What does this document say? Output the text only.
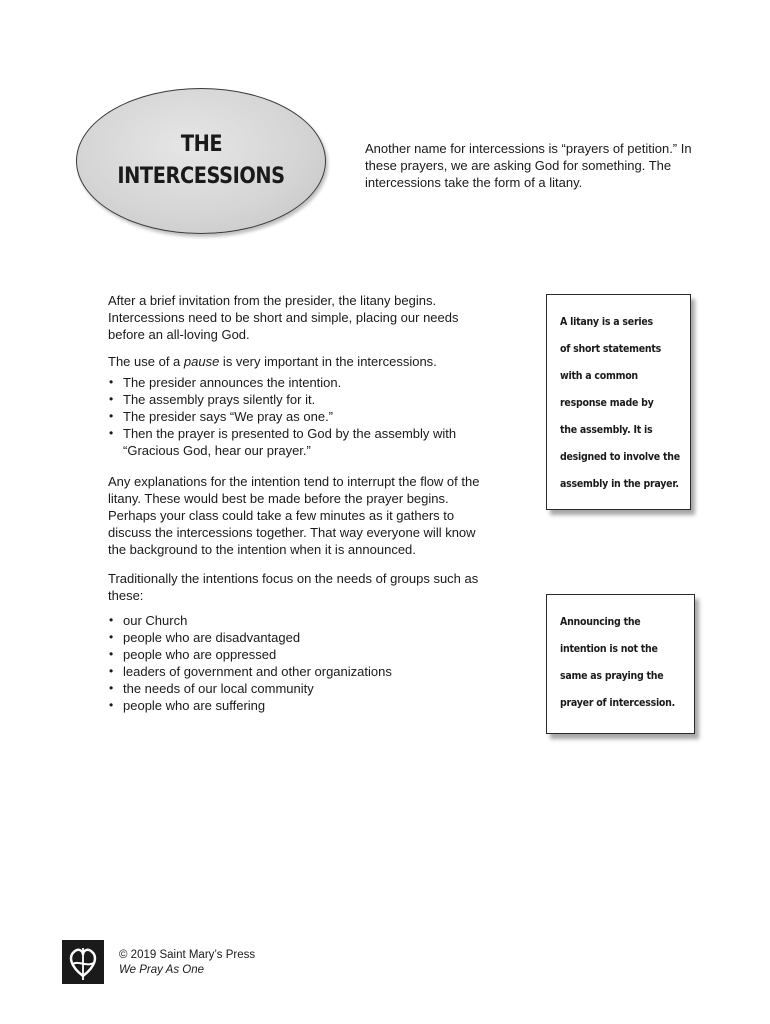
THE
INTERCESSIONS
Another name for intercessions is “prayers of petition.” In these prayers, we are asking God for something. The intercessions take the form of a litany.

After a brief invitation from the presider, the litany begins. Intercessions need to be short and simple, placing our needs before an all-loving God.

The use of a pause is very important in the intercessions.

• The presider announces the intention.
• The assembly prays silently for it.
• The presider says “We pray as one.”
• Then the prayer is presented to God by the assembly with “Gracious God, hear our prayer.”

Any explanations for the intention tend to interrupt the flow of the litany. These would best be made before the prayer begins. Perhaps your class could take a few minutes as it gathers to discuss the intercessions together. That way everyone will know the background to the intention when it is announced.

Traditionally the intentions focus on the needs of groups such as these:

• our Church
• people who are disadvantaged
• people who are oppressed
• leaders of government and other organizations
• the needs of our local community
• people who are suffering
A litany is a series
of short statements
with a common
response made by
the assembly. It is
designed to involve the
assembly in the prayer.
Announcing the
intention is not the
same as praying the
prayer of intercession.
© 2019 Saint Mary’s Press
We Pray As One
